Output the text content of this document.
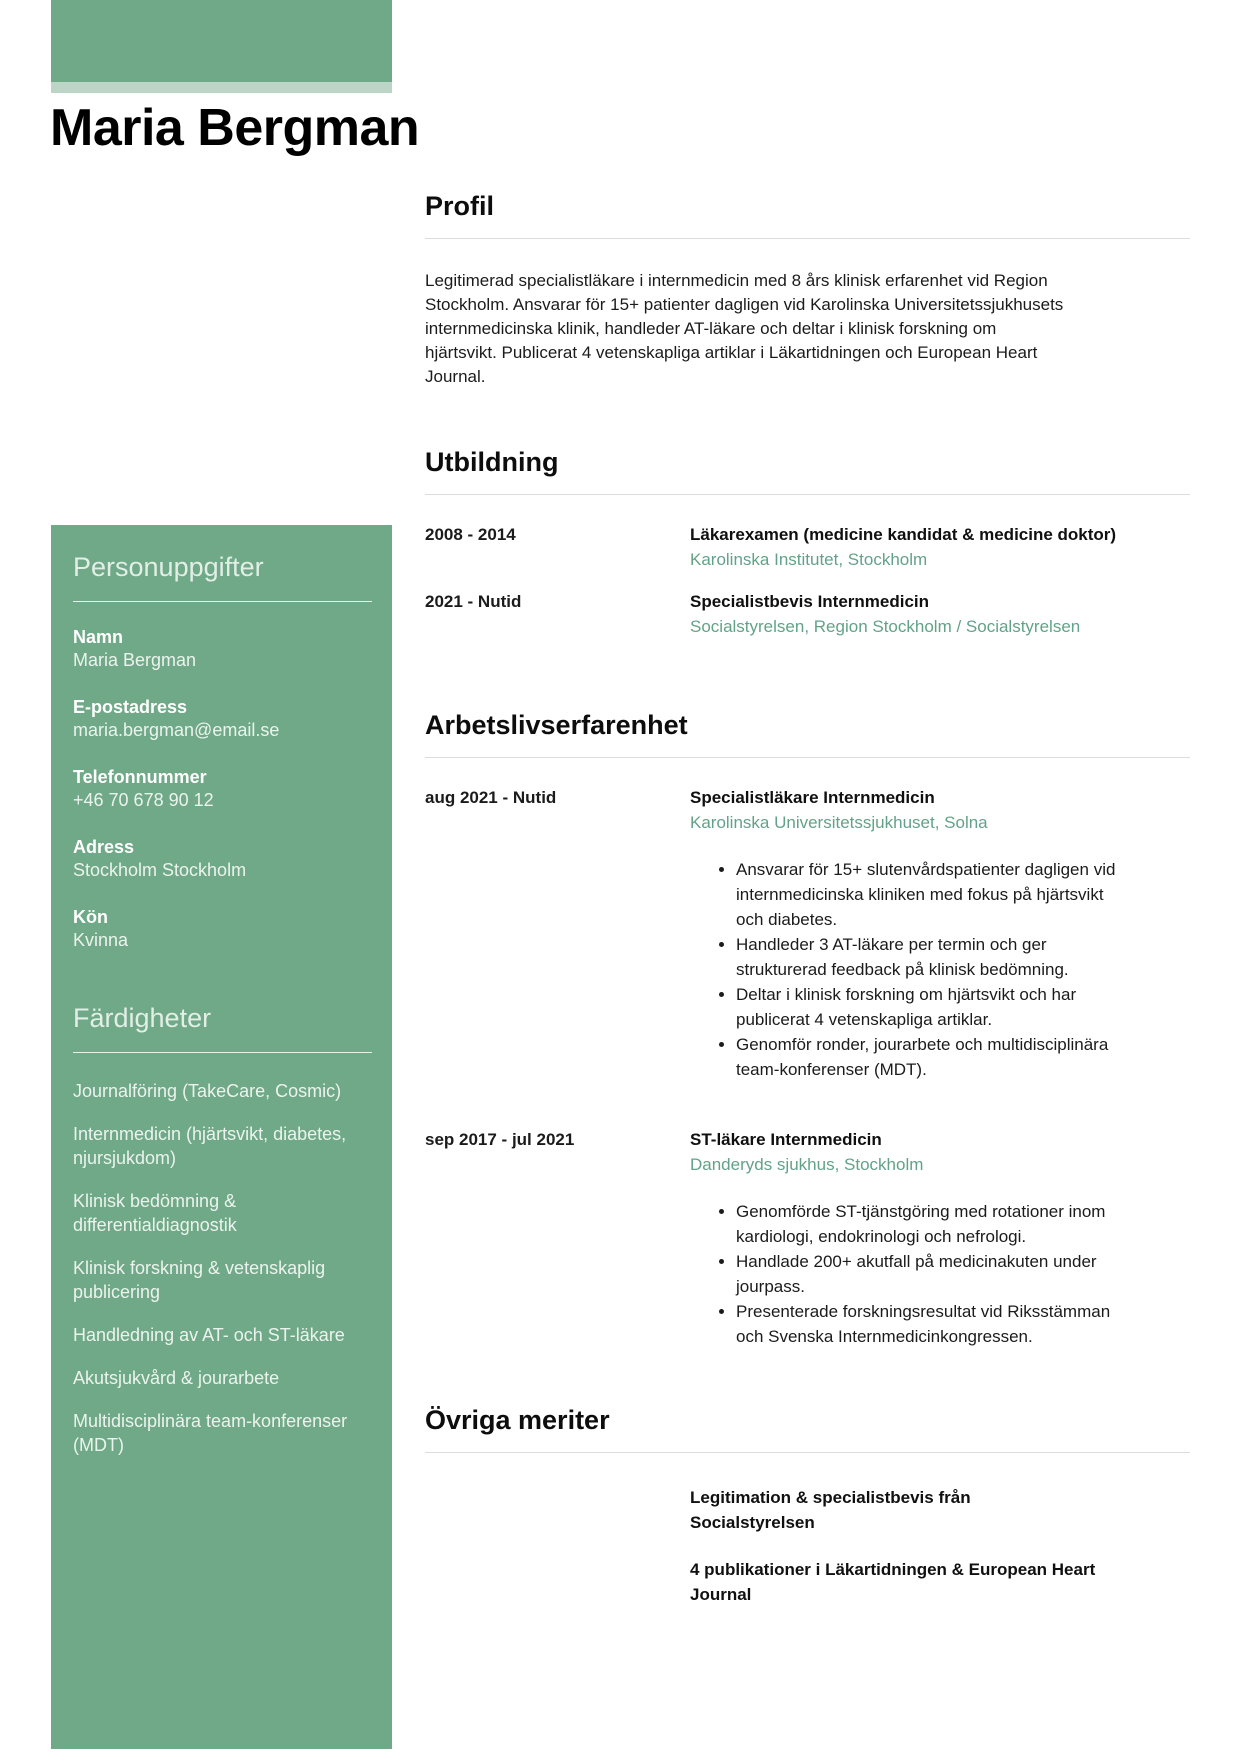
Maria Bergman
Personuppgifter
Namn
Maria Bergman
E-postadress
maria.bergman@email.se
Telefonnummer
+46 70 678 90 12
Adress
Stockholm Stockholm
Kön
Kvinna
Färdigheter
Journalföring (TakeCare, Cosmic)
Internmedicin (hjärtsvikt, diabetes, njursjukdom)
Klinisk bedömning & differentialdiagnostik
Klinisk forskning & vetenskaplig publicering
Handledning av AT- och ST-läkare
Akutsjukvård & jourarbete
Multidisciplinära team-konferenser (MDT)
Profil

Legitimerad specialistläkare i internmedicin med 8 års klinisk erfarenhet vid Region Stockholm. Ansvarar för 15+ patienter dagligen vid Karolinska Universitetssjukhusets internmedicinska klinik, handleder AT-läkare och deltar i klinisk forskning om hjärtsvikt. Publicerat 4 vetenskapliga artiklar i Läkartidningen och European Heart Journal.

Utbildning
2008 - 2014	Läkarexamen (medicine kandidat & medicine doktor)
Karolinska Institutet, Stockholm
2021 - Nutid	Specialistbevis Internmedicin
Socialstyrelsen, Region Stockholm / Socialstyrelsen
Arbetslivserfarenhet
aug 2021 - Nutid	Specialistläkare Internmedicin
Karolinska Universitetssjukhuset, Solna
• Ansvarar för 15+ slutenvårdspatienter dagligen vid internmedicinska kliniken med fokus på hjärtsvikt och diabetes.
• Handleder 3 AT-läkare per termin och ger strukturerad feedback på klinisk bedömning.
• Deltar i klinisk forskning om hjärtsvikt och har publicerat 4 vetenskapliga artiklar.
• Genomför ronder, jourarbete och multidisciplinära team-konferenser (MDT).
sep 2017 - jul 2021	ST-läkare Internmedicin
Danderyds sjukhus, Stockholm
• Genomförde ST-tjänstgöring med rotationer inom kardiologi, endokrinologi och nefrologi.
• Handlade 200+ akutfall på medicinakuten under jourpass.
• Presenterade forskningsresultat vid Riksstämman och Svenska Internmedicinkongressen.
Övriga meriter
Legitimation & specialistbevis från Socialstyrelsen
4 publikationer i Läkartidningen & European Heart Journal
